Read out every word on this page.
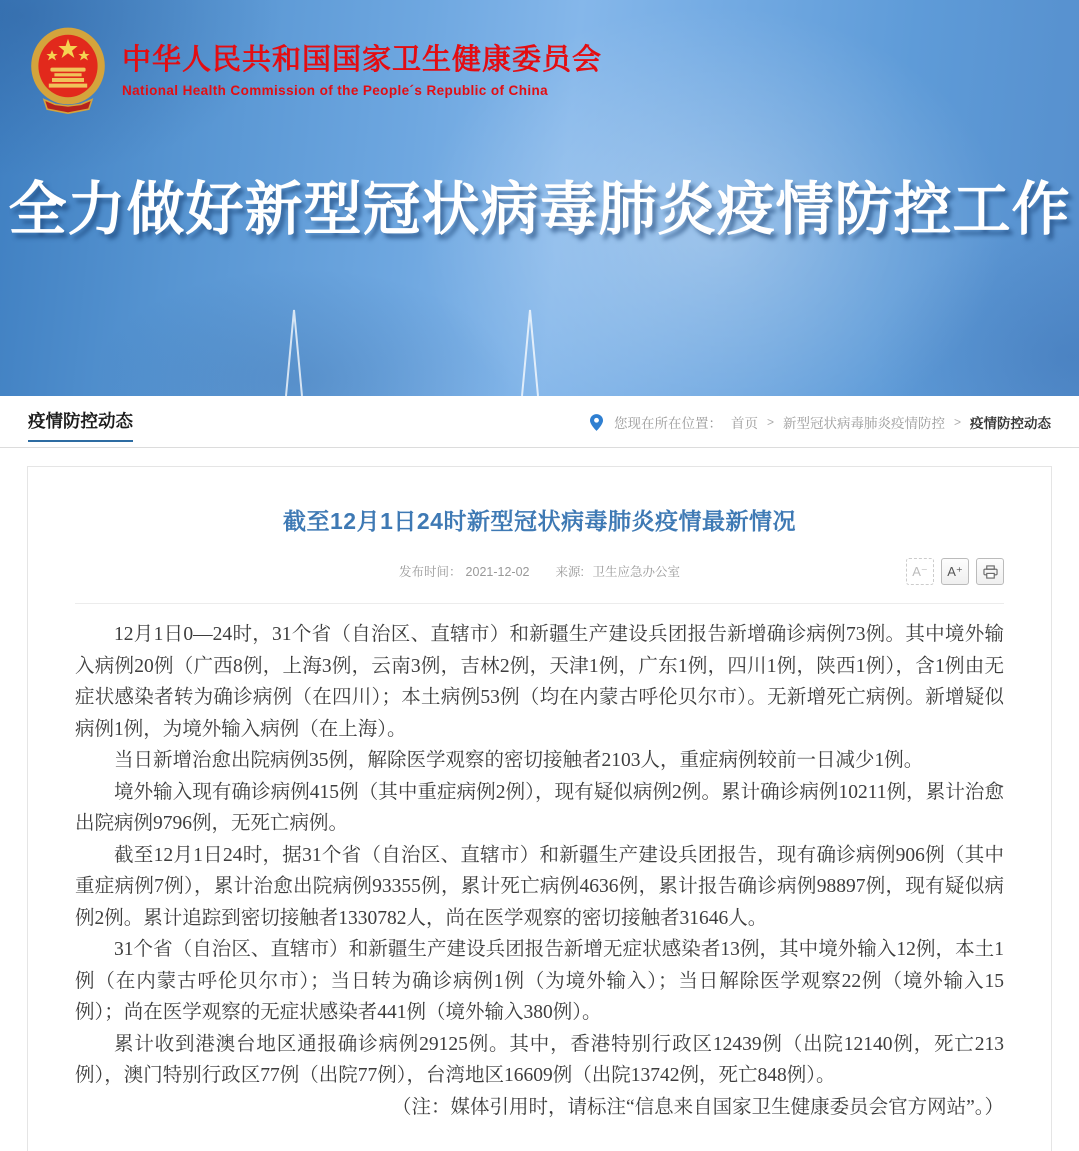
中华人民共和国国家卫生健康委员会
National Health Commission of the People´s Republic of China
全力做好新型冠状病毒肺炎疫情防控工作
疫情防控动态	您现在所在位置： 首页 > 新型冠状病毒肺炎疫情防控 > 疫情防控动态
截至12月1日24时新型冠状病毒肺炎疫情最新情况
发布时间： 2021-12-02 来源: 卫生应急办公室	A⁻	A⁺

12月1日0—24时，31个省（自治区、直辖市）和新疆生产建设兵团报告新增确诊病例73例。其中境外输入病例20例（广西8例，上海3例，云南3例，吉林2例，天津1例，广东1例，四川1例，陕西1例），含1例由无症状感染者转为确诊病例（在四川）；本土病例53例（均在内蒙古呼伦贝尔市）。无新增死亡病例。新增疑似病例1例，为境外输入病例（在上海）。

当日新增治愈出院病例35例，解除医学观察的密切接触者2103人，重症病例较前一日减少1例。

境外输入现有确诊病例415例（其中重症病例2例），现有疑似病例2例。累计确诊病例10211例，累计治愈出院病例9796例，无死亡病例。

截至12月1日24时，据31个省（自治区、直辖市）和新疆生产建设兵团报告，现有确诊病例906例（其中重症病例7例），累计治愈出院病例93355例，累计死亡病例4636例，累计报告确诊病例98897例，现有疑似病例2例。累计追踪到密切接触者1330782人，尚在医学观察的密切接触者31646人。

31个省（自治区、直辖市）和新疆生产建设兵团报告新增无症状感染者13例，其中境外输入12例，本土1例（在内蒙古呼伦贝尔市）；当日转为确诊病例1例（为境外输入）；当日解除医学观察22例（境外输入15例）；尚在医学观察的无症状感染者441例（境外输入380例）。

累计收到港澳台地区通报确诊病例29125例。其中，香港特别行政区12439例（出院12140例，死亡213例），澳门特别行政区77例（出院77例），台湾地区16609例（出院13742例，死亡848例）。

（注：媒体引用时，请标注“信息来自国家卫生健康委员会官方网站”。）
